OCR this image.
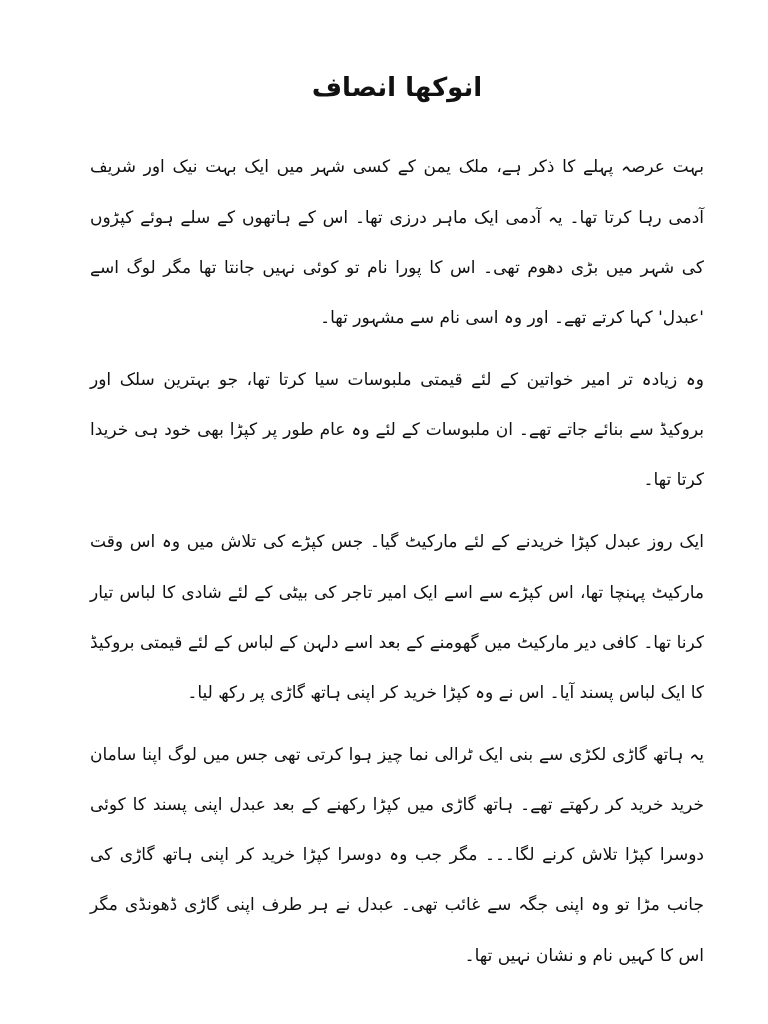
انوکھا انصاف

بہت عرصہ پہلے کا ذکر ہے، ملک یمن کے کسی شہر میں ایک بہت نیک اور شریف آدمی رہا کرتا تھا۔ یہ آدمی ایک ماہر درزی تھا۔ اس کے ہاتھوں کے سلے ہوئے کپڑوں کی شہر میں بڑی دھوم تھی۔ اس کا پورا نام تو کوئی نہیں جانتا تھا مگر لوگ اسے 'عبدل' کہا کرتے تھے۔ اور وہ اسی نام سے مشہور تھا۔

وہ زیادہ تر امیر خواتین کے لئے قیمتی ملبوسات سیا کرتا تھا، جو بہترین سلک اور بروکیڈ سے بنائے جاتے تھے۔ ان ملبوسات کے لئے وہ عام طور پر کپڑا بھی خود ہی خریدا کرتا تھا۔

ایک روز عبدل کپڑا خریدنے کے لئے مارکیٹ گیا۔ جس کپڑے کی تلاش میں وہ اس وقت مارکیٹ پہنچا تھا، اس کپڑے سے اسے ایک امیر تاجر کی بیٹی کے لئے شادی کا لباس تیار کرنا تھا۔ کافی دیر مارکیٹ میں گھومنے کے بعد اسے دلہن کے لباس کے لئے قیمتی بروکیڈ کا ایک لباس پسند آیا۔ اس نے وہ کپڑا خرید کر اپنی ہاتھ گاڑی پر رکھ لیا۔

یہ ہاتھ گاڑی لکڑی سے بنی ایک ٹرالی نما چیز ہوا کرتی تھی جس میں لوگ اپنا سامان خرید خرید کر رکھتے تھے۔ ہاتھ گاڑی میں کپڑا رکھنے کے بعد عبدل اپنی پسند کا کوئی دوسرا کپڑا تلاش کرنے لگا۔۔۔ مگر جب وہ دوسرا کپڑا خرید کر اپنی ہاتھ گاڑی کی جانب مڑا تو وہ اپنی جگہ سے غائب تھی۔ عبدل نے ہر طرف اپنی گاڑی ڈھونڈی مگر اس کا کہیں نام و نشان نہیں تھا۔
